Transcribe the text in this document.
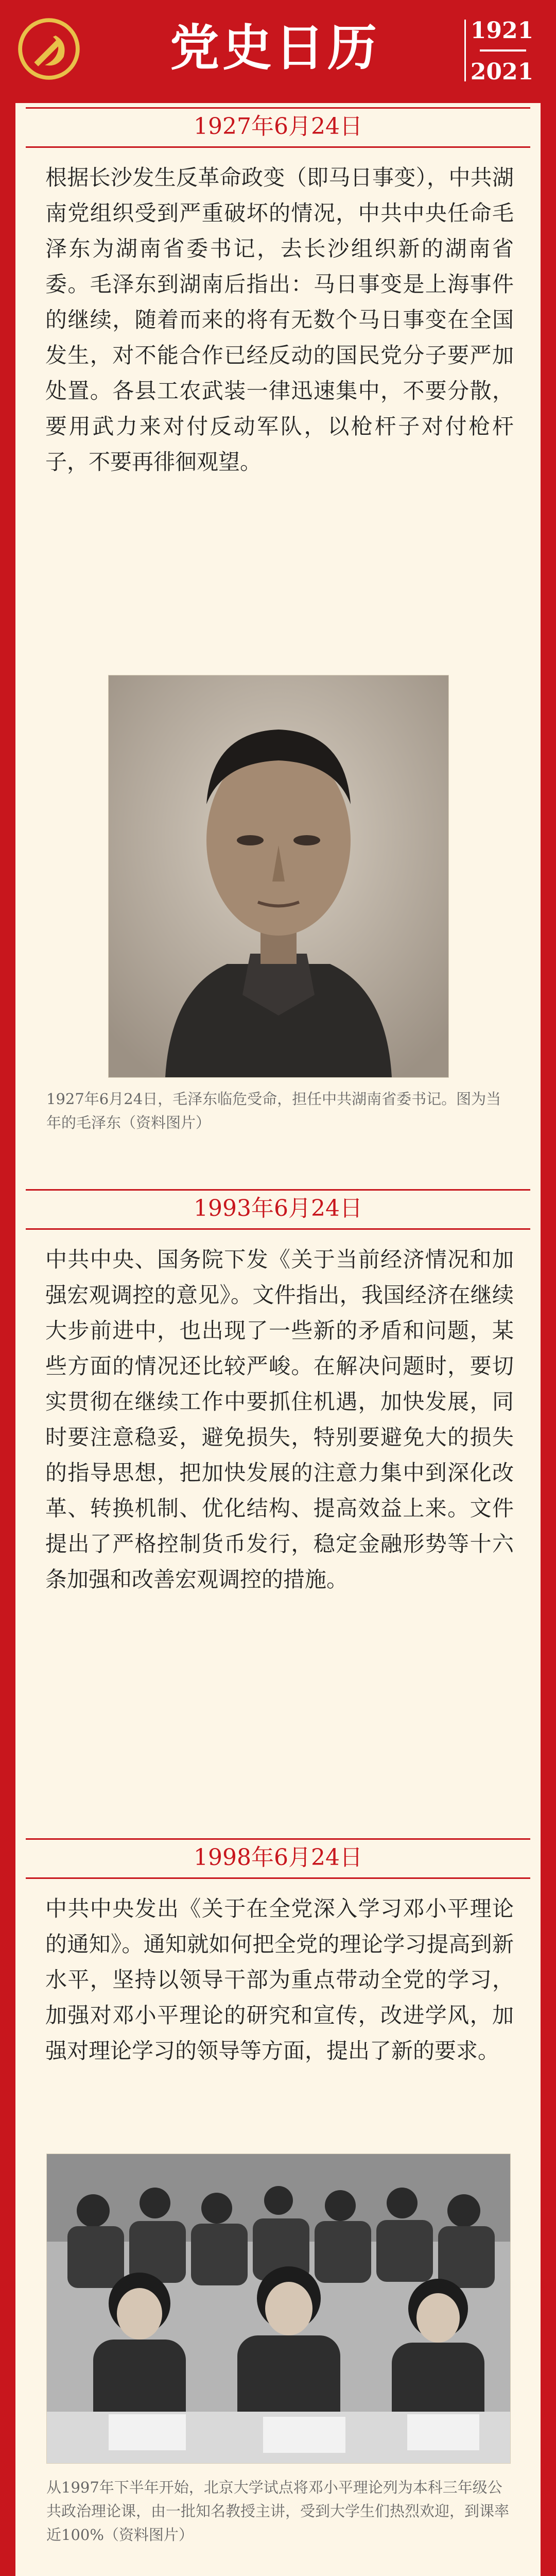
党史日历	1921
2021
1927年6月24日

根据长沙发生反革命政变（即马日事变），中共湖南党组织受到严重破坏的情况，中共中央任命毛泽东为湖南省委书记，去长沙组织新的湖南省委。毛泽东到湖南后指出：马日事变是上海事件的继续，随着而来的将有无数个马日事变在全国发生，对不能合作已经反动的国民党分子要严加处置。各县工农武装一律迅速集中，不要分散，要用武力来对付反动军队，以枪杆子对付枪杆子，不要再徘徊观望。

1927年6月24日，毛泽东临危受命，担任中共湖南省委书记。图为当年的毛泽东（资料图片）

1993年6月24日

中共中央、国务院下发《关于当前经济情况和加强宏观调控的意见》。文件指出，我国经济在继续大步前进中，也出现了一些新的矛盾和问题，某些方面的情况还比较严峻。在解决问题时，要切实贯彻在继续工作中要抓住机遇，加快发展，同时要注意稳妥，避免损失，特别要避免大的损失的指导思想，把加快发展的注意力集中到深化改革、转换机制、优化结构、提高效益上来。文件提出了严格控制货币发行，稳定金融形势等十六条加强和改善宏观调控的措施。

1998年6月24日

中共中央发出《关于在全党深入学习邓小平理论的通知》。通知就如何把全党的理论学习提高到新水平，坚持以领导干部为重点带动全党的学习，加强对邓小平理论的研究和宣传，改进学风，加强对理论学习的领导等方面，提出了新的要求。

从1997年下半年开始，北京大学试点将邓小平理论列为本科三年级公共政治理论课，由一批知名教授主讲，受到大学生们热烈欢迎，到课率近100%（资料图片）
